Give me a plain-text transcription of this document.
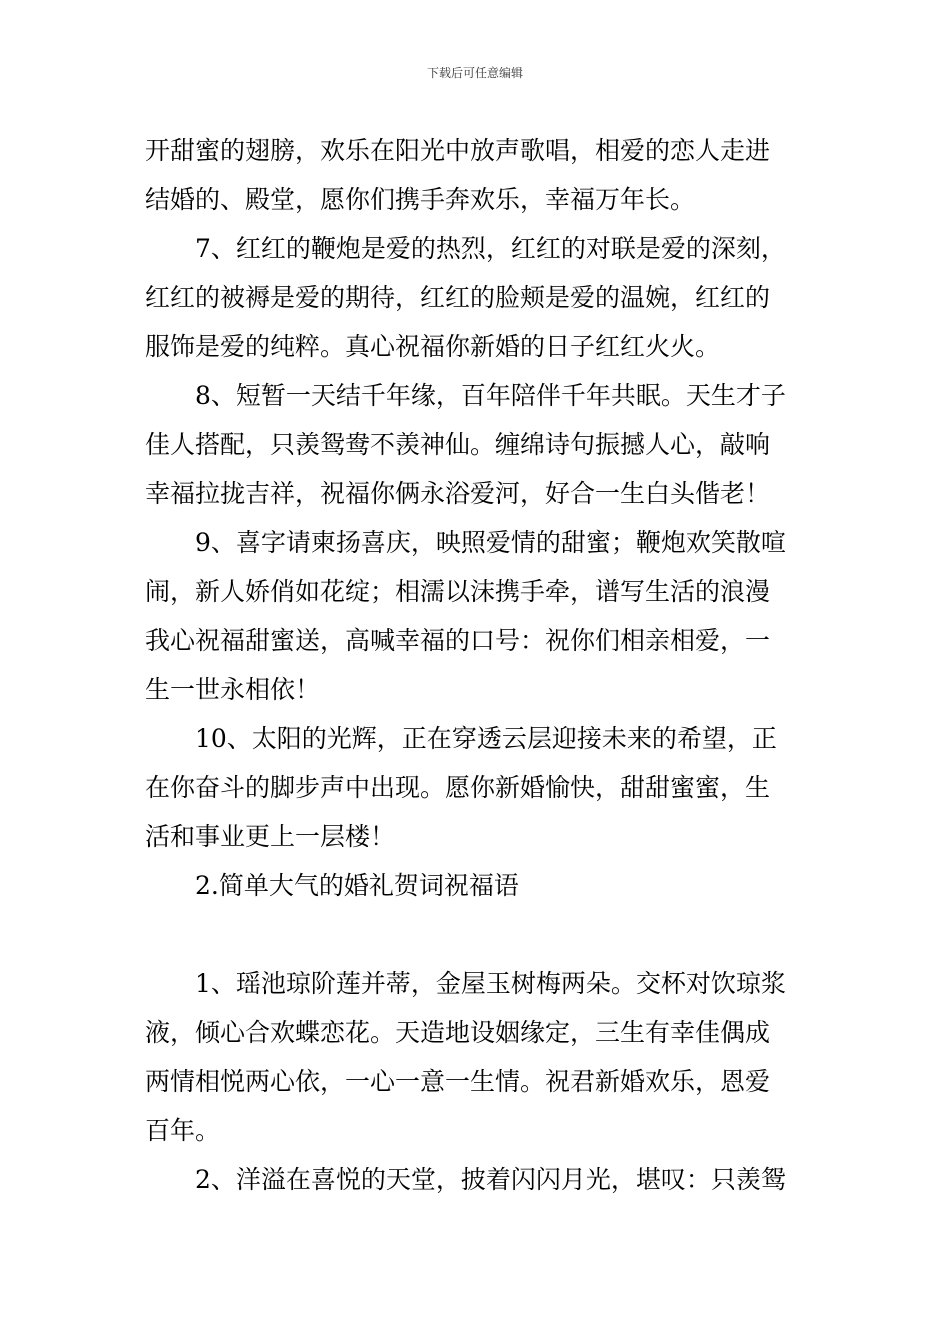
下载后可任意编辑
开甜蜜的翅膀，欢乐在阳光中放声歌唱，相爱的恋人走进
结婚的、殿堂，愿你们携手奔欢乐，幸福万年长。
　　7、红红的鞭炮是爱的热烈，红红的对联是爱的深刻，
红红的被褥是爱的期待，红红的脸颊是爱的温婉，红红的
服饰是爱的纯粹。真心祝福你新婚的日子红红火火。
　　8、短暂一天结千年缘，百年陪伴千年共眠。天生才子
佳人搭配，只羡鸳鸯不羡神仙。缠绵诗句振撼人心，敲响
幸福拉拢吉祥，祝福你俩永浴爱河，好合一生白头偕老！
　　9、喜字请柬扬喜庆，映照爱情的甜蜜；鞭炮欢笑散喧
闹，新人娇俏如花绽；相濡以沫携手牵，谱写生活的浪漫
我心祝福甜蜜送，高喊幸福的口号：祝你们相亲相爱，一
生一世永相依！
　　10、太阳的光辉，正在穿透云层迎接未来的希望，正
在你奋斗的脚步声中出现。愿你新婚愉快，甜甜蜜蜜，生
活和事业更上一层楼！
　　2.简单大气的婚礼贺词祝福语
　　1、瑶池琼阶莲并蒂，金屋玉树梅两朵。交杯对饮琼浆
液，倾心合欢蝶恋花。天造地设姻缘定，三生有幸佳偶成
两情相悦两心依，一心一意一生情。祝君新婚欢乐，恩爱
百年。
　　2、洋溢在喜悦的天堂，披着闪闪月光，堪叹：只羡鸳
